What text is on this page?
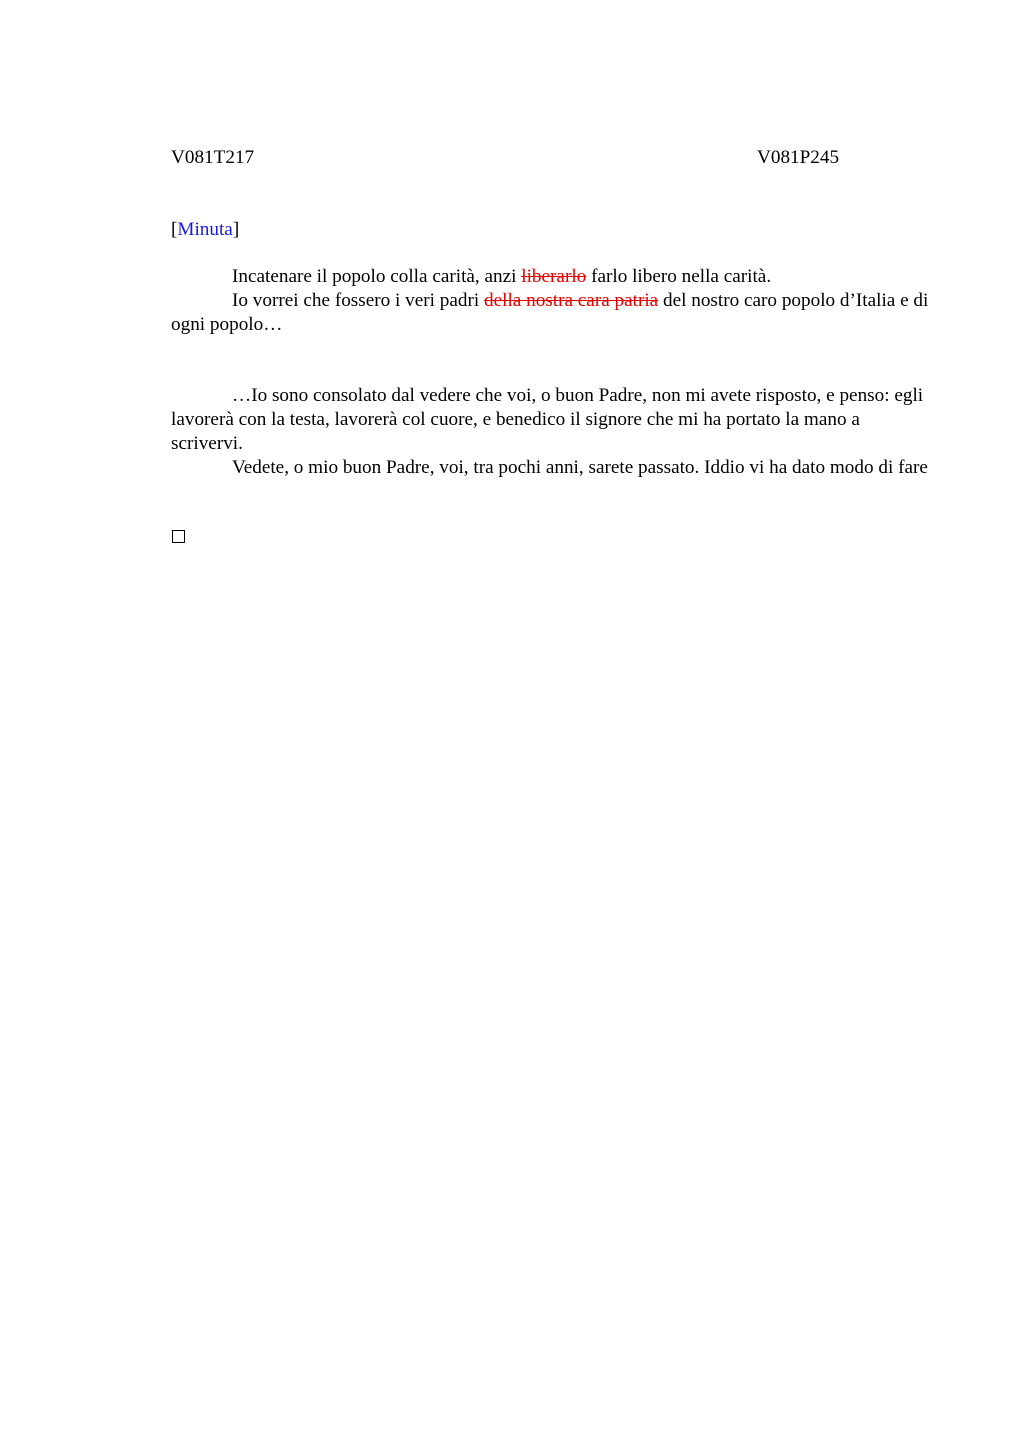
V081T217	V081P245
[Minuta]

Incatenare il popolo colla carità, anzi liberarlo farlo libero nella carità.

Io vorrei che fossero i veri padri della nostra cara patria del nostro caro popolo d’Italia e di ogni popolo…

…Io sono consolato dal vedere che voi, o buon Padre, non mi avete risposto, e penso: egli lavorerà con la testa, lavorerà col cuore, e benedico il signore che mi ha portato la mano a scrivervi.

Vedete, o mio buon Padre, voi, tra pochi anni, sarete passato. Iddio vi ha dato modo di fare
